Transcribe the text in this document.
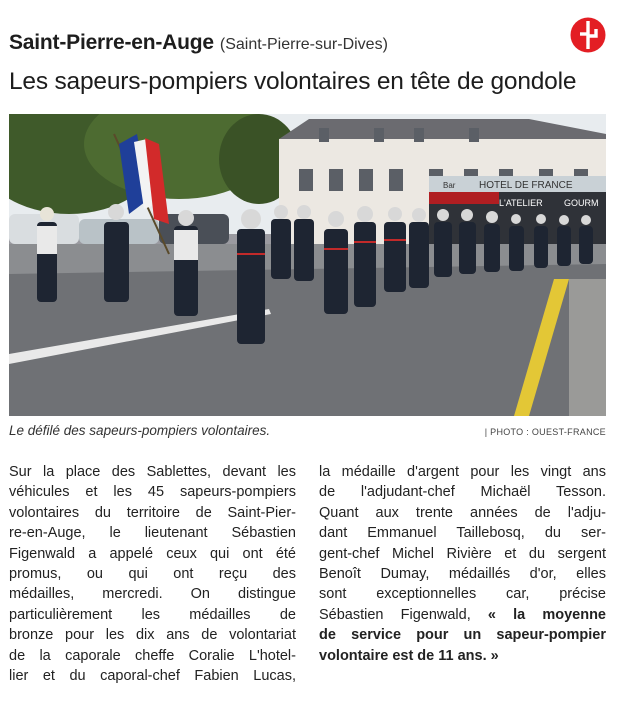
Saint-Pierre-en-Auge (Saint-Pierre-sur-Dives)
Les sapeurs-pompiers volontaires en tête de gondole
HOTEL DE FRANCE
Bar
L'ATELIER GOURM
Le défilé des sapeurs-pompiers volontaires.	| PHOTO : OUEST-FRANCE
Sur la place des Sablettes, devant les
véhicules et les 45 sapeurs-pompiers
volontaires du territoire de Saint-Pier-
re-en-Auge, le lieutenant Sébastien
Figenwald a appelé ceux qui ont été
promus, ou qui ont reçu des
médailles, mercredi. On distingue
particulièrement les médailles de
bronze pour les dix ans de volontariat
de la caporale cheffe Coralie L'hotel-
lier et du caporal-chef Fabien Lucas,
la médaille d'argent pour les vingt ans
de l'adjudant-chef Michaël Tesson.
Quant aux trente années de l'adju-
dant Emmanuel Taillebosq, du ser-
gent-chef Michel Rivière et du sergent
Benoît Dumay, médaillés d'or, elles
sont exceptionnelles car, précise
Sébastien Figenwald, « la moyenne
de service pour un sapeur-pompier
volontaire est de 11 ans. »
